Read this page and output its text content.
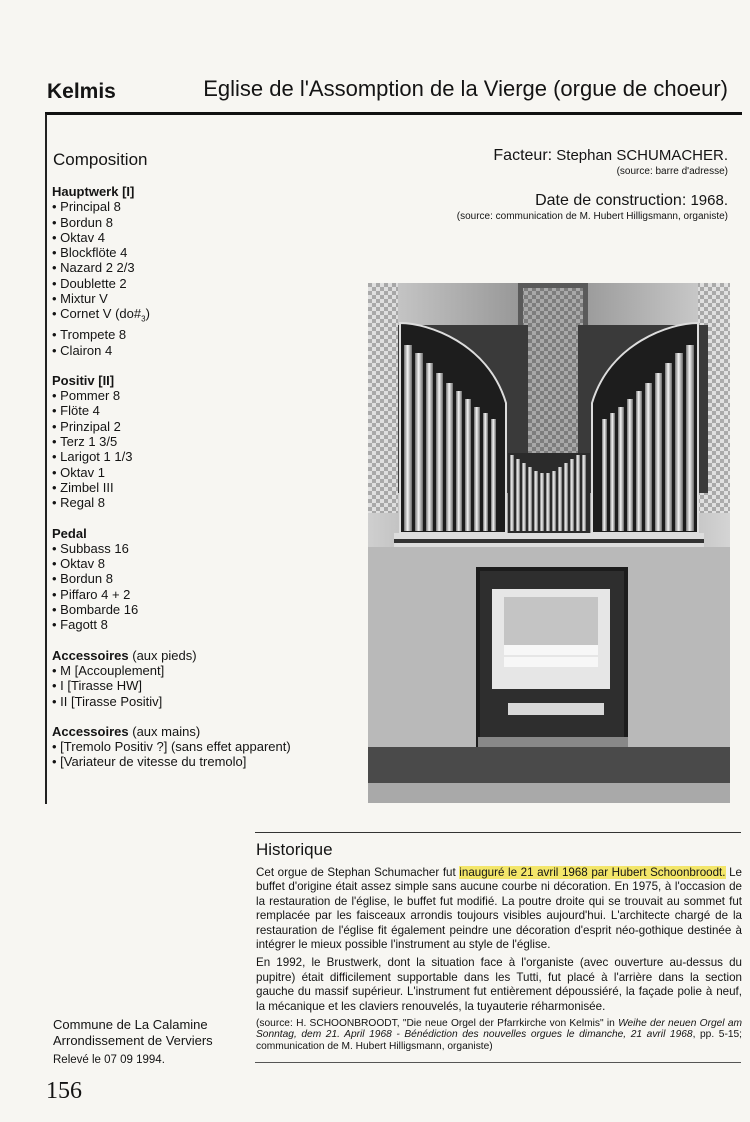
Kelmis	Eglise de l'Assomption de la Vierge (orgue de choeur)
Composition
Hauptwerk [I]
• Principal 8
• Bordun 8
• Oktav 4
• Blockflöte 4
• Nazard 2 2/3
• Doublette 2
• Mixtur V
• Cornet V $(do\#_3)$
• Trompete 8
• Clairon 4
Positiv [II]
• Pommer 8
• Flöte 4
• Prinzipal 2
• Terz 1 3/5
• Larigot 1 1/3
• Oktav 1
• Zimbel III
• Regal 8
Pedal
• Subbass 16
• Oktav 8
• Bordun 8
• Piffaro 4 + 2
• Bombarde 16
• Fagott 8
Accessoires (aux pieds)
• M [Accouplement]
• I [Tirasse HW]
• II [Tirasse Positiv]
Accessoires (aux mains)
• [Tremolo Positiv ?] (sans effet apparent)
• [Variateur de vitesse du tremolo]
Facteur: Stephan SCHUMACHER.
(source: barre d'adresse)
Date de construction: 1968.
(source: communication de M. Hubert Hilligsmann, organiste)
Historique

Cet orgue de Stephan Schumacher fut inauguré le 21 avril 1968 par Hubert Schoonbroodt. Le buffet d'origine était assez simple sans aucune courbe ni décoration. En 1975, à l'occasion de la restauration de l'église, le buffet fut modifié. La poutre droite qui se trouvait au sommet fut remplacée par les faisceaux arrondis toujours visibles aujourd'hui. L'architecte chargé de la restauration de l'église fit également peindre une décoration d'esprit néo-gothique destinée à intégrer le mieux possible l'instrument au style de l'église.

En 1992, le Brustwerk, dont la situation face à l'organiste (avec ouverture au-dessus du pupitre) était difficilement supportable dans les Tutti, fut placé à l'arrière dans la section gauche du massif supérieur. L'instrument fut entièrement dépoussiéré, la façade polie à neuf, la mécanique et les claviers renouvelés, la tuyauterie réharmonisée.

(source: H. SCHOONBROODT, "Die neue Orgel der Pfarrkirche von Kelmis" in Weihe der neuen Orgel am Sonntag, dem 21. April 1968 - Bénédiction des nouvelles orgues le dimanche, 21 avril 1968, pp. 5-15; communication de M. Hubert Hilligsmann, organiste)
Commune de La Calamine
Arrondissement de Verviers
Relevé le 07 09 1994.
156
